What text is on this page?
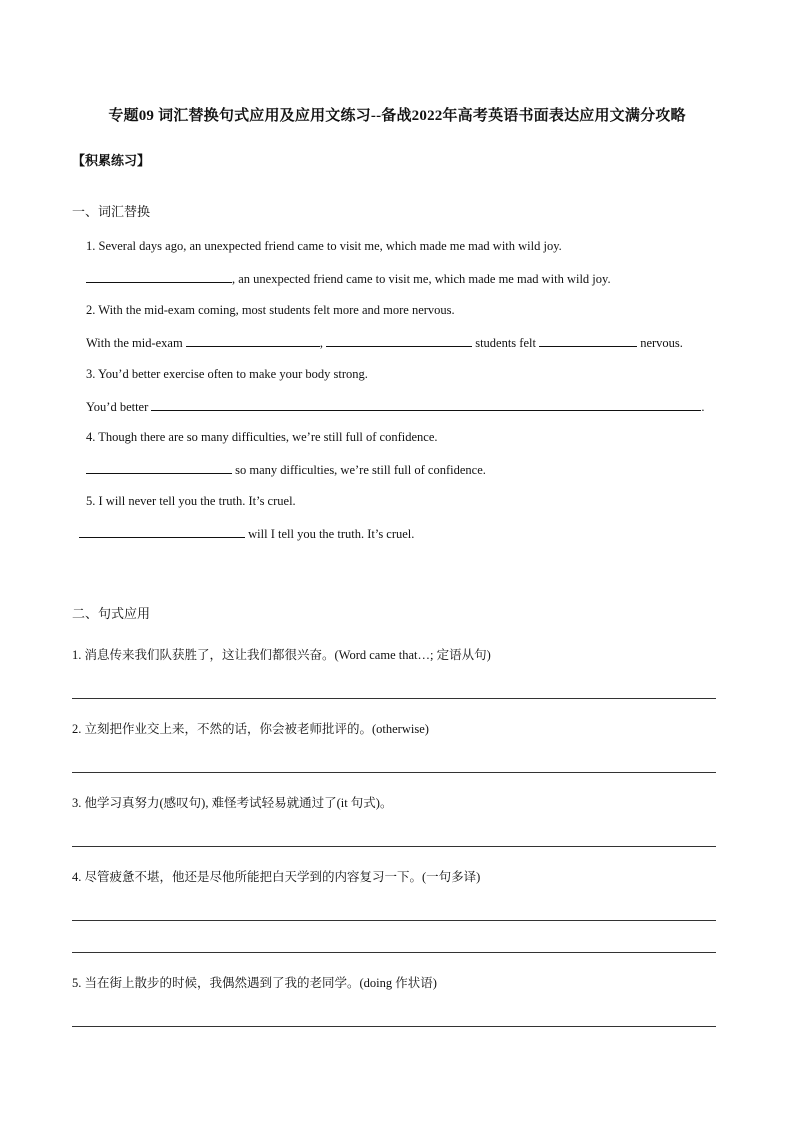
专题09 词汇替换句式应用及应用文练习--备战2022年高考英语书面表达应用文满分攻略
【积累练习】
一、词汇替换
1. Several days ago, an unexpected friend came to visit me, which made me mad with wild joy.
, an unexpected friend came to visit me, which made me mad with wild joy.
2. With the mid-exam coming, most students felt more and more nervous.
With the mid-exam	,	students felt	nervous.
3. You’d better exercise often to make your body strong.
You’d better	.
4. Though there are so many difficulties, we’re still full of confidence.
so many difficulties, we’re still full of confidence.
5. I will never tell you the truth. It’s cruel.
will I tell you the truth. It’s cruel.
二、句式应用
1. 消息传来我们队获胜了，这让我们都很兴奋。(Word came that…; 定语从句)
2. 立刻把作业交上来，不然的话，你会被老师批评的。(otherwise)
3. 他学习真努力(感叹句), 难怪考试轻易就通过了(it 句式)。
4. 尽管疲惫不堪，他还是尽他所能把白天学到的内容复习一下。(一句多译)
5. 当在街上散步的时候，我偶然遇到了我的老同学。(doing 作状语)
